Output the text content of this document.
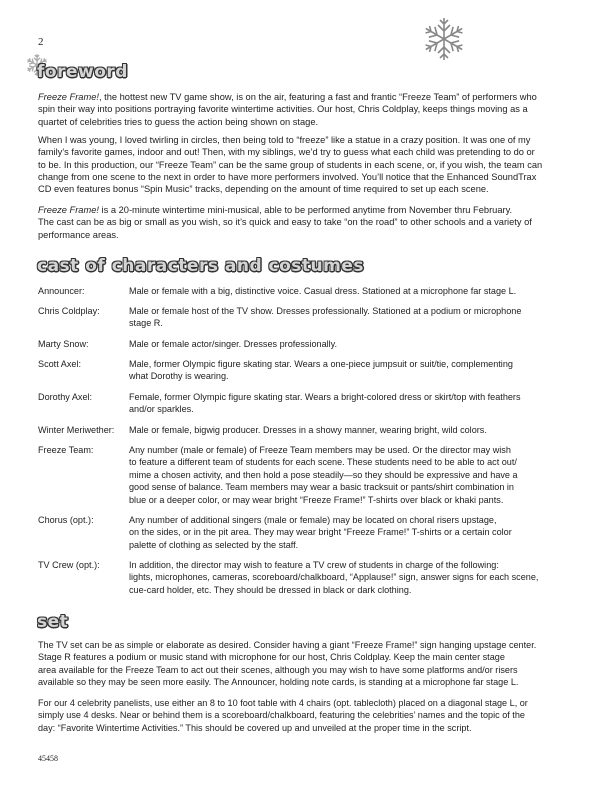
2
foreword
Freeze Frame!, the hottest new TV game show, is on the air, featuring a fast and frantic “Freeze Team” of performers who
spin their way into positions portraying favorite wintertime activities. Our host, Chris Coldplay, keeps things moving as a
quartet of celebrities tries to guess the action being shown on stage.
When I was young, I loved twirling in circles, then being told to “freeze” like a statue in a crazy position. It was one of my
family’s favorite games, indoor and out! Then, with my siblings, we’d try to guess what each child was pretending to do or
to be. In this production, our “Freeze Team” can be the same group of students in each scene, or, if you wish, the team can
change from one scene to the next in order to have more performers involved. You’ll notice that the Enhanced SoundTrax
CD even features bonus “Spin Music” tracks, depending on the amount of time required to set up each scene.
Freeze Frame! is a 20-minute wintertime mini-musical, able to be performed anytime from November thru February.
The cast can be as big or small as you wish, so it’s quick and easy to take “on the road” to other schools and a variety of
performance areas.
cast of characters and costumes
Announcer:	Male or female with a big, distinctive voice. Casual dress. Stationed at a microphone far stage L.
Chris Coldplay:	Male or female host of the TV show. Dresses professionally. Stationed at a podium or microphone
stage R.
Marty Snow:	Male or female actor/singer. Dresses professionally.
Scott Axel:	Male, former Olympic figure skating star. Wears a one-piece jumpsuit or suit/tie, complementing
what Dorothy is wearing.
Dorothy Axel:	Female, former Olympic figure skating star. Wears a bright-colored dress or skirt/top with feathers
and/or sparkles.
Winter Meriwether: Male or female, bigwig producer. Dresses in a showy manner, wearing bright, wild colors.
Freeze Team:	Any number (male or female) of Freeze Team members may be used. Or the director may wish
to feature a different team of students for each scene. These students need to be able to act out/
mime a chosen activity, and then hold a pose steadily—so they should be expressive and have a
good sense of balance. Team members may wear a basic tracksuit or pants/shirt combination in
blue or a deeper color, or may wear bright “Freeze Frame!” T-shirts over black or khaki pants.
Chorus (opt.):	Any number of additional singers (male or female) may be located on choral risers upstage,
on the sides, or in the pit area. They may wear bright “Freeze Frame!” T-shirts or a certain color
palette of clothing as selected by the staff.
TV Crew (opt.):	In addition, the director may wish to feature a TV crew of students in charge of the following:
lights, microphones, cameras, scoreboard/chalkboard, “Applause!” sign, answer signs for each scene,
cue-card holder, etc. They should be dressed in black or dark clothing.
set
The TV set can be as simple or elaborate as desired. Consider having a giant “Freeze Frame!” sign hanging upstage center.
Stage R features a podium or music stand with microphone for our host, Chris Coldplay. Keep the main center stage
area available for the Freeze Team to act out their scenes, although you may wish to have some platforms and/or risers
available so they may be seen more easily. The Announcer, holding note cards, is standing at a microphone far stage L.
For our 4 celebrity panelists, use either an 8 to 10 foot table with 4 chairs (opt. tablecloth) placed on a diagonal stage L, or
simply use 4 desks. Near or behind them is a scoreboard/chalkboard, featuring the celebrities’ names and the topic of the
day: “Favorite Wintertime Activities.” This should be covered up and unveiled at the proper time in the script.
45458
